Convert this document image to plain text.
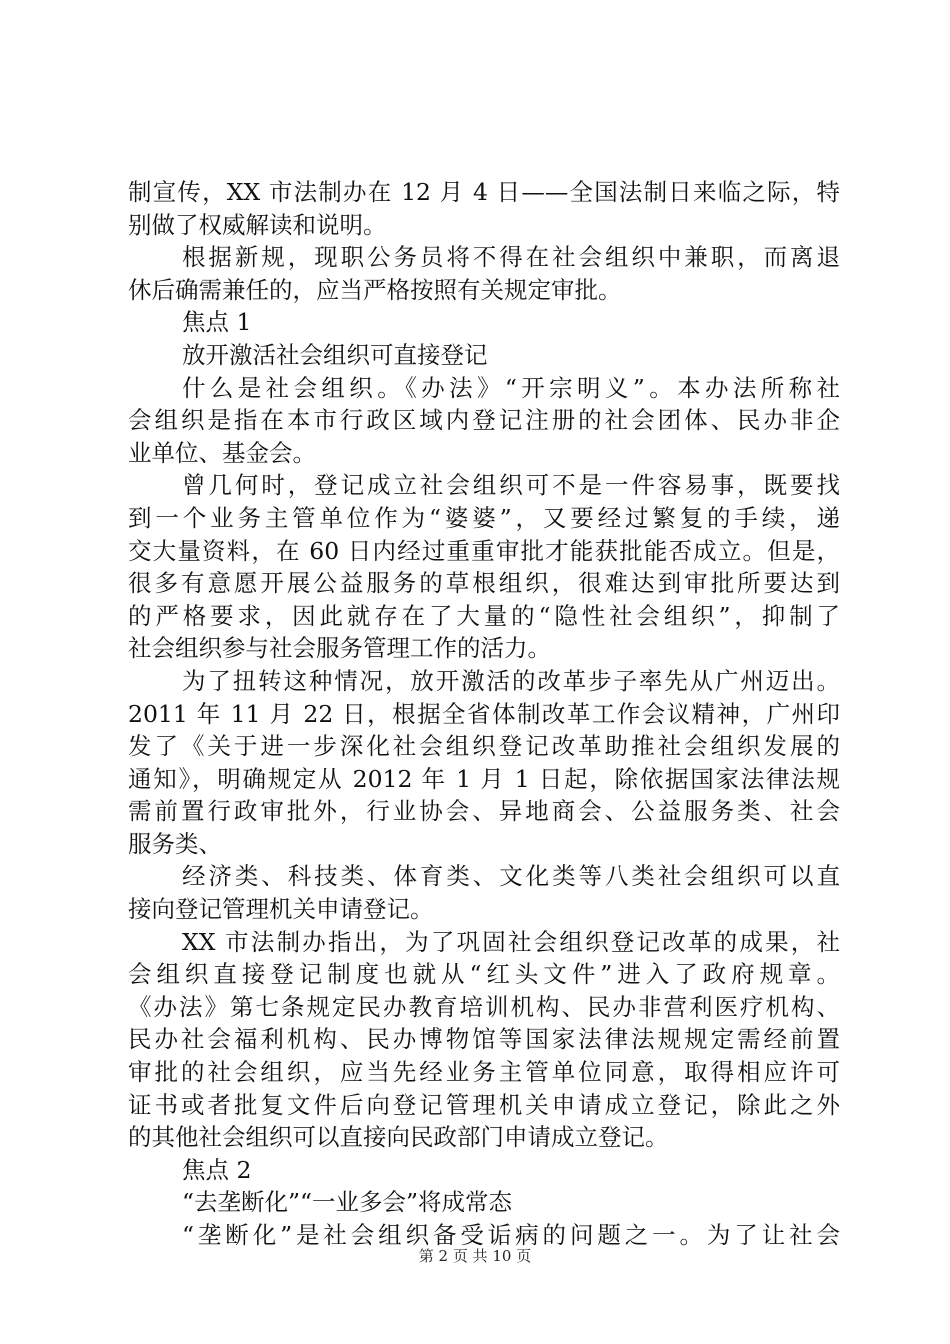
制宣传，XX 市法制办在 12 月 4 日——全国法制日来临之际，特
别做了权威解读和说明。
根据新规，现职公务员将不得在社会组织中兼职，而离退
休后确需兼任的，应当严格按照有关规定审批。
焦点 1
放开激活社会组织可直接登记
什么是社会组织。《办法》“开宗明义”。本办法所称社
会组织是指在本市行政区域内登记注册的社会团体、民办非企
业单位、基金会。
曾几何时，登记成立社会组织可不是一件容易事，既要找
到一个业务主管单位作为“婆婆”，又要经过繁复的手续，递
交大量资料，在 60 日内经过重重审批才能获批能否成立。但是，
很多有意愿开展公益服务的草根组织，很难达到审批所要达到
的严格要求，因此就存在了大量的“隐性社会组织”，抑制了
社会组织参与社会服务管理工作的活力。
为了扭转这种情况，放开激活的改革步子率先从广州迈出。
2011 年 11 月 22 日，根据全省体制改革工作会议精神，广州印
发了《关于进一步深化社会组织登记改革助推社会组织发展的
通知》，明确规定从 2012 年 1 月 1 日起，除依据国家法律法规
需前置行政审批外，行业协会、异地商会、公益服务类、社会
服务类、
经济类、科技类、体育类、文化类等八类社会组织可以直
接向登记管理机关申请登记。
XX 市法制办指出，为了巩固社会组织登记改革的成果，社
会组织直接登记制度也就从“红头文件”进入了政府规章。
《办法》第七条规定民办教育培训机构、民办非营利医疗机构、
民办社会福利机构、民办博物馆等国家法律法规规定需经前置
审批的社会组织，应当先经业务主管单位同意，取得相应许可
证书或者批复文件后向登记管理机关申请成立登记，除此之外
的其他社会组织可以直接向民政部门申请成立登记。
焦点 2
“去垄断化”“一业多会”将成常态
“垄断化”是社会组织备受诟病的问题之一。为了让社会
第 2 页 共 10 页
